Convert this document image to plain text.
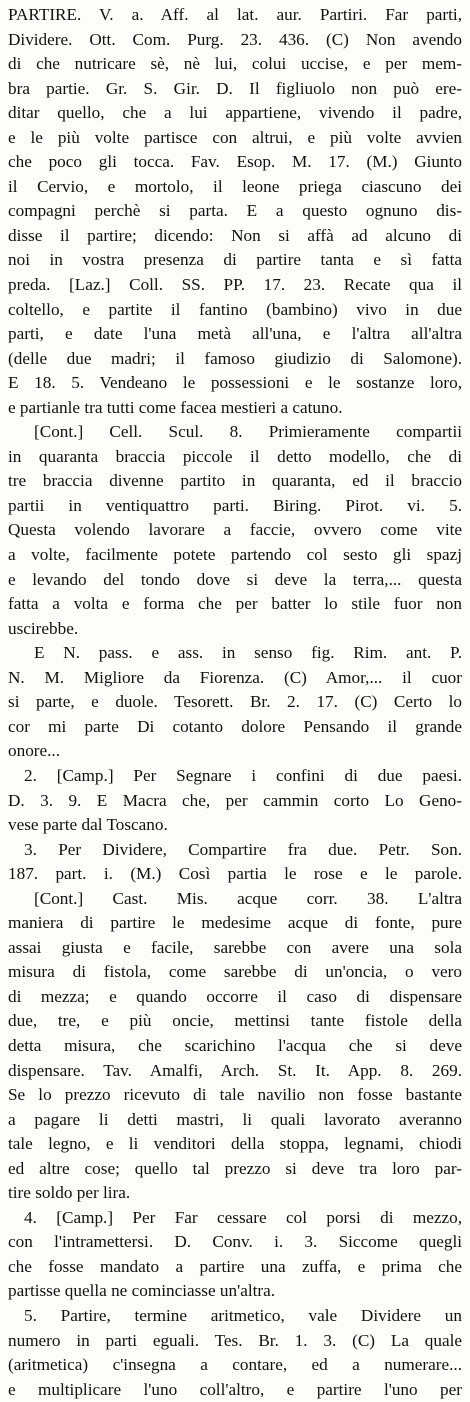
PARTIRE. V. a. Aff. al lat. aur. Partiri. Far parti,
Dividere. Ott. Com. Purg. 23. 436. (C) Non avendo
di che nutricare sè, nè lui, colui uccise, e per mem-
bra partie. Gr. S. Gir. D. Il figliuolo non può ere-
ditar quello, che a lui appartiene, vivendo il padre,
e le più volte partisce con altrui, e più volte avvien
che poco gli tocca. Fav. Esop. M. 17. (M.) Giunto
il Cervio, e mortolo, il leone priega ciascuno dei
compagni perchè si parta. E a questo ognuno dis-
disse il partire; dicendo: Non si affà ad alcuno di
noi in vostra presenza di partire tanta e sì fatta
preda. [Laz.] Coll. SS. PP. 17. 23. Recate qua il
coltello, e partite il fantino (bambino) vivo in due
parti, e date l'una metà all'una, e l'altra all'altra
(delle due madri; il famoso giudizio di Salomone).
E 18. 5. Vendeano le possessioni e le sostanze loro,
e partianle tra tutti come facea mestieri a catuno.
[Cont.] Cell. Scul. 8. Primieramente compartii
in quaranta braccia piccole il detto modello, che di
tre braccia divenne partito in quaranta, ed il braccio
partii in ventiquattro parti. Biring. Pirot. vi. 5.
Questa volendo lavorare a faccie, ovvero come vite
a volte, facilmente potete partendo col sesto gli spazj
e levando del tondo dove si deve la terra,... questa
fatta a volta e forma che per batter lo stile fuor non
uscirebbe.
E N. pass. e ass. in senso fig. Rim. ant. P.
N. M. Migliore da Fiorenza. (C) Amor,... il cuor
si parte, e duole. Tesorett. Br. 2. 17. (C) Certo lo
cor mi parte Di cotanto dolore Pensando il grande
onore...
2. [Camp.] Per Segnare i confini di due paesi.
D. 3. 9. E Macra che, per cammin corto Lo Geno-
vese parte dal Toscano.
3. Per Dividere, Compartire fra due. Petr. Son.
187. part. i. (M.) Così partia le rose e le parole.
[Cont.] Cast. Mis. acque corr. 38. L'altra
maniera di partire le medesime acque di fonte, pure
assai giusta e facile, sarebbe con avere una sola
misura di fistola, come sarebbe di un'oncia, o vero
di mezza; e quando occorre il caso di dispensare
due, tre, e più oncie, mettinsi tante fistole della
detta misura, che scarichino l'acqua che si deve
dispensare. Tav. Amalfi, Arch. St. It. App. 8. 269.
Se lo prezzo ricevuto di tale navilio non fosse bastante
a pagare li detti mastri, li quali lavorato averanno
tale legno, e li venditori della stoppa, legnami, chiodi
ed altre cose; quello tal prezzo si deve tra loro par-
tire soldo per lira.
4. [Camp.] Per Far cessare col porsi di mezzo,
con l'intramettersi. D. Conv. i. 3. Siccome quegli
che fosse mandato a partire una zuffa, e prima che
partisse quella ne cominciasse un'altra.
5. Partire, termine aritmetico, vale Dividere un
numero in parti eguali. Tes. Br. 1. 3. (C) La quale
(aritmetica) c'insegna a contare, ed a numerare...
e multiplicare l'uno coll'altro, e partire l'uno per
